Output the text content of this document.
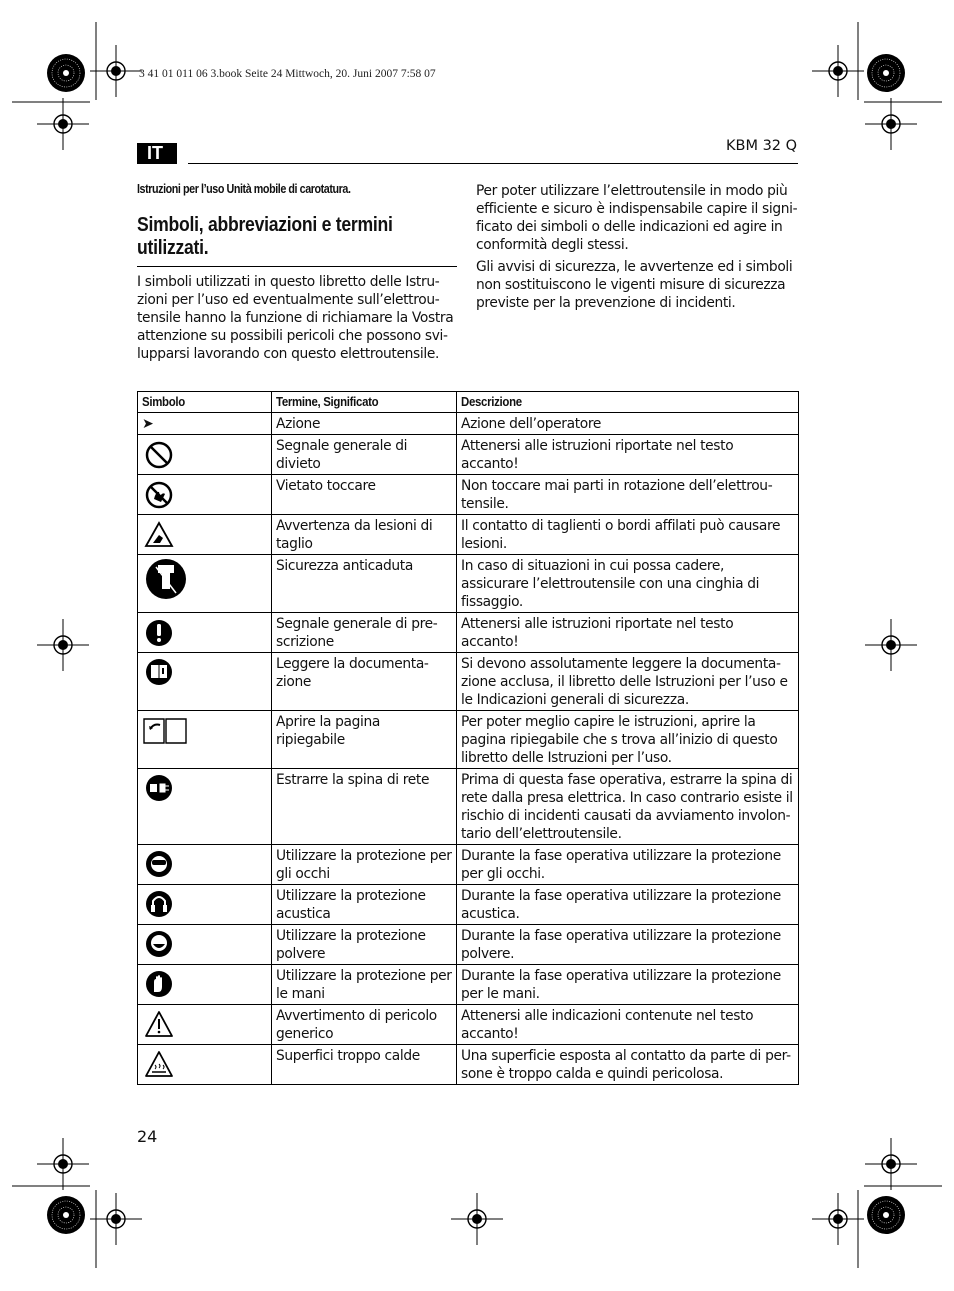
3 41 01 011 06 3.book Seite 24 Mittwoch, 20. Juni 2007 7:58 07
IT	KBM 32 Q
Istruzioni per l’uso Unità mobile di carotatura.
Simboli, abbreviazioni e termini utilizzati.
I simboli utilizzati in questo libretto delle Istru-zioni per l’uso ed eventualmente sull’elettrou-tensile hanno la funzione di richiamare la Vostra attenzione su possibili pericoli che possono svi-lupparsi lavorando con questo elettroutensile.
Per poter utilizzare l’elettroutensile in modo più efficiente e sicuro è indispensabile capire il signi-ficato dei simboli o delle indicazioni ed agire in conformità degli stessi.
Gli avvisi di sicurezza, le avvertenze ed i simboli non sostituiscono le vigenti misure di sicurezza previste per la prevenzione di incidenti.
Simbolo	Termine, Significato	Descrizione
➤	Azione	Azione dell’operatore

	Segnale generale di divieto	Attenersi alle istruzioni riportate nel testo accanto!

	Vietato toccare	Non toccare mai parti in rotazione dell’elettrou-tensile.

	Avvertenza da lesioni di taglio	Il contatto di taglienti o bordi affilati può causare lesioni.

	Sicurezza anticaduta	In caso di situazioni in cui possa cadere, assicurare l’elettroutensile con una cinghia di fissaggio.

	Segnale generale di pre-scrizione	Attenersi alle istruzioni riportate nel testo accanto!

	Leggere la documenta-zione	Si devono assolutamente leggere la documenta-zione acclusa, il libretto delle Istruzioni per l’uso e le Indicazioni generali di sicurezza.

	Aprire la pagina ripiegabile	Per poter meglio capire le istruzioni, aprire la pagina ripiegabile che s trova all’inizio di questo libretto delle Istruzioni per l’uso.

	Estrarre la spina di rete	Prima di questa fase operativa, estrarre la spina di rete dalla presa elettrica. In caso contrario esiste il rischio di incidenti causati da avviamento involon-tario dell’elettroutensile.

	Utilizzare la protezione per gli occhi	Durante la fase operativa utilizzare la protezione per gli occhi.

	Utilizzare la protezione acustica	Durante la fase operativa utilizzare la protezione acustica.

	Utilizzare la protezione polvere	Durante la fase operativa utilizzare la protezione polvere.

	Utilizzare la protezione per le mani	Durante la fase operativa utilizzare la protezione per le mani.

	Avvertimento di pericolo generico	Attenersi alle indicazioni contenute nel testo accanto!

	Superfici troppo calde	Una superficie esposta al contatto da parte di per-sone è troppo calda e quindi pericolosa.
24
